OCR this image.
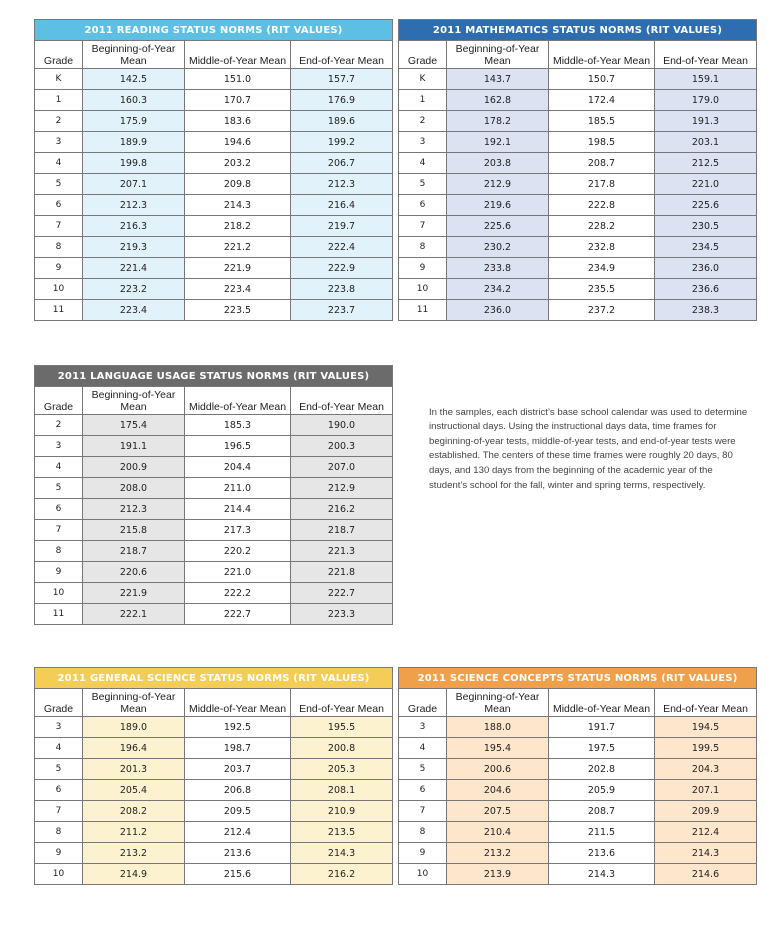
2011 READING STATUS NORMS (RIT VALUES)			
Grade	Beginning-of-Year Mean	Middle-of-Year Mean	End-of-Year Mean
K	142.5	151.0	157.7
1	160.3	170.7	176.9
2	175.9	183.6	189.6
3	189.9	194.6	199.2
4	199.8	203.2	206.7
5	207.1	209.8	212.3
6	212.3	214.3	216.4
7	216.3	218.2	219.7
8	219.3	221.2	222.4
9	221.4	221.9	222.9
10	223.2	223.4	223.8
11	223.4	223.5	223.7
2011 MATHEMATICS STATUS NORMS (RIT VALUES)			
Grade	Beginning-of-Year Mean	Middle-of-Year Mean	End-of-Year Mean
K	143.7	150.7	159.1
1	162.8	172.4	179.0
2	178.2	185.5	191.3
3	192.1	198.5	203.1
4	203.8	208.7	212.5
5	212.9	217.8	221.0
6	219.6	222.8	225.6
7	225.6	228.2	230.5
8	230.2	232.8	234.5
9	233.8	234.9	236.0
10	234.2	235.5	236.6
11	236.0	237.2	238.3
2011 LANGUAGE USAGE STATUS NORMS (RIT VALUES)			
Grade	Beginning-of-Year Mean	Middle-of-Year Mean	End-of-Year Mean
2	175.4	185.3	190.0
3	191.1	196.5	200.3
4	200.9	204.4	207.0
5	208.0	211.0	212.9
6	212.3	214.4	216.2
7	215.8	217.3	218.7
8	218.7	220.2	221.3
9	220.6	221.0	221.8
10	221.9	222.2	222.7
11	222.1	222.7	223.3

In the samples, each district’s base school calendar was used to determine instructional days. Using the instructional days data, time frames for beginning-of-year tests, middle-of-year tests, and end-of-year tests were established. The centers of these time frames were roughly 20 days, 80 days, and 130 days from the beginning of the academic year of the student’s school for the fall, winter and spring terms, respectively.

2011 GENERAL SCIENCE STATUS NORMS (RIT VALUES)			
Grade	Beginning-of-Year Mean	Middle-of-Year Mean	End-of-Year Mean
3	189.0	192.5	195.5
4	196.4	198.7	200.8
5	201.3	203.7	205.3
6	205.4	206.8	208.1
7	208.2	209.5	210.9
8	211.2	212.4	213.5
9	213.2	213.6	214.3
10	214.9	215.6	216.2
2011 SCIENCE CONCEPTS STATUS NORMS (RIT VALUES)			
Grade	Beginning-of-Year Mean	Middle-of-Year Mean	End-of-Year Mean
3	188.0	191.7	194.5
4	195.4	197.5	199.5
5	200.6	202.8	204.3
6	204.6	205.9	207.1
7	207.5	208.7	209.9
8	210.4	211.5	212.4
9	213.2	213.6	214.3
10	213.9	214.3	214.6
